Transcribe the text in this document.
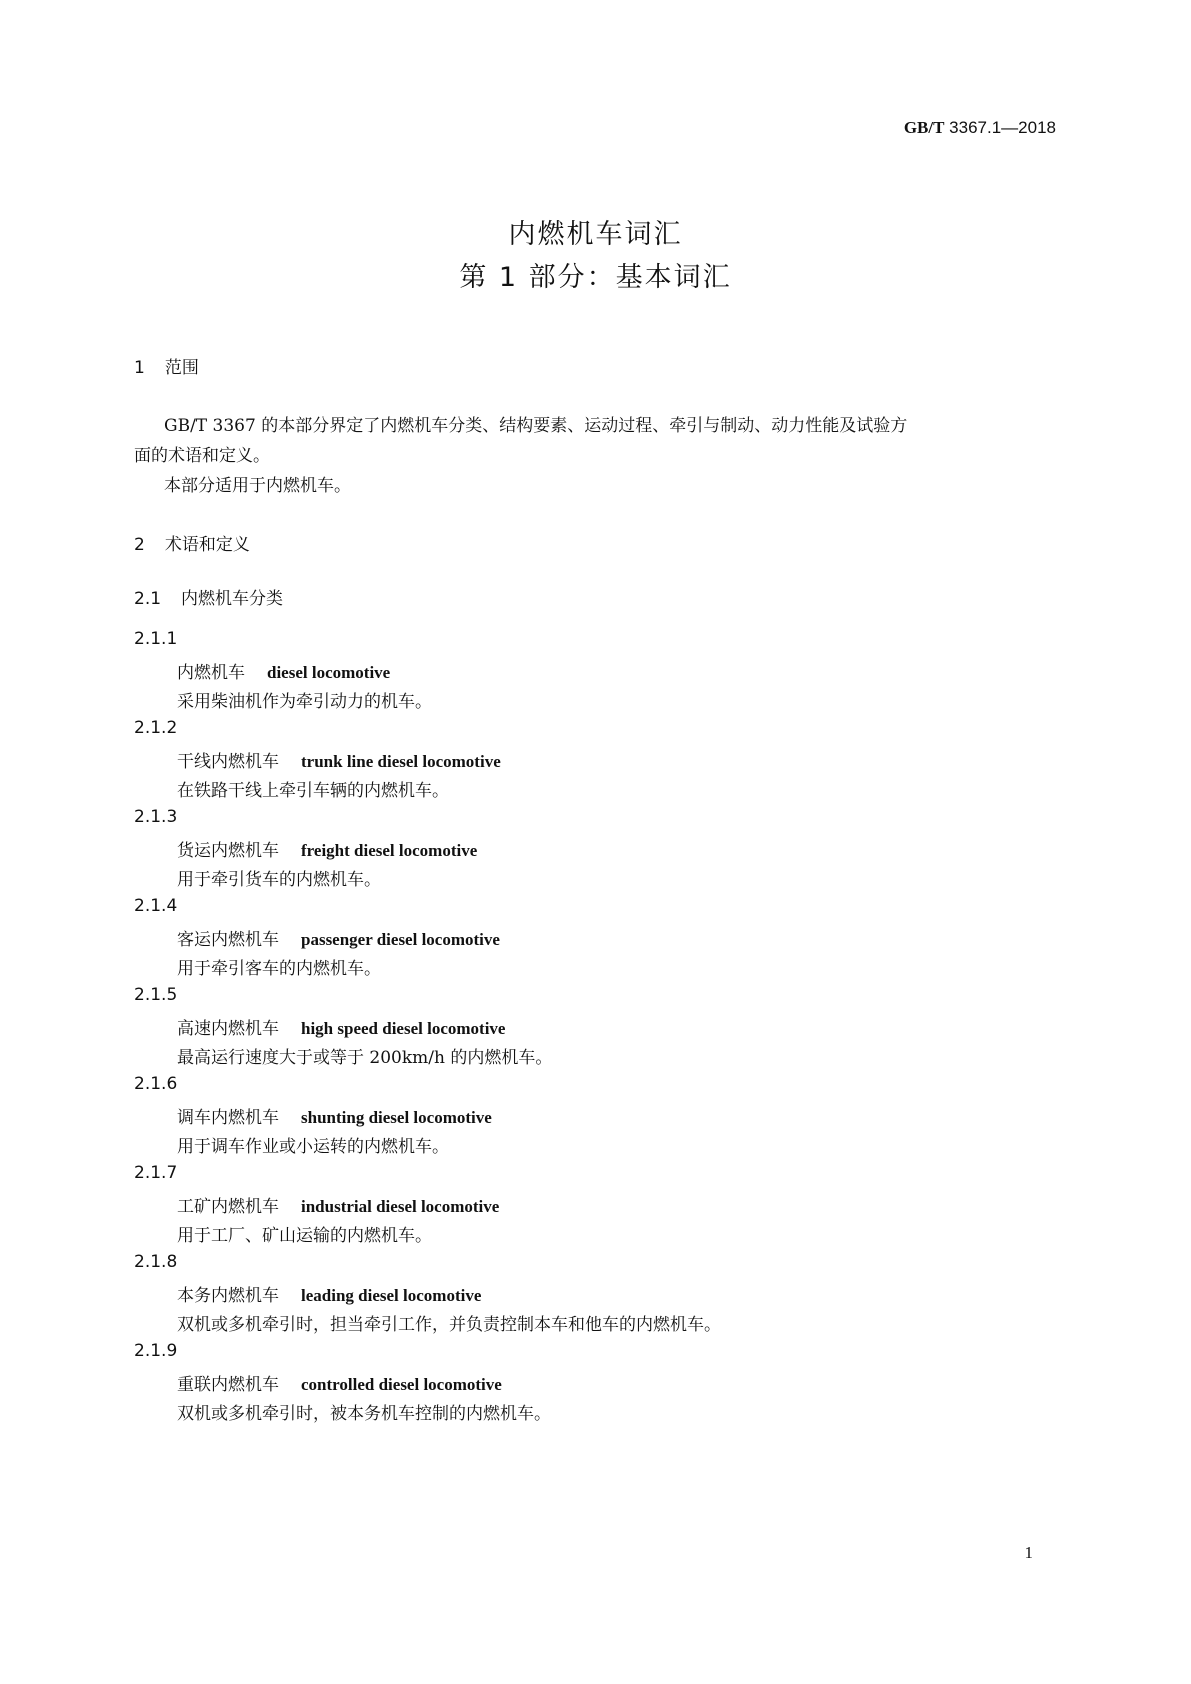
GB/T 3367.1—2018
内燃机车词汇
第 1 部分：基本词汇
1 范围
GB/T 3367 的本部分界定了内燃机车分类、结构要素、运动过程、牵引与制动、动力性能及试验方
面的术语和定义。
本部分适用于内燃机车。
2 术语和定义
2.1 内燃机车分类
2.1.1
内燃机车 diesel locomotive
采用柴油机作为牵引动力的机车。
2.1.2
干线内燃机车 trunk line diesel locomotive
在铁路干线上牵引车辆的内燃机车。
2.1.3
货运内燃机车 freight diesel locomotive
用于牵引货车的内燃机车。
2.1.4
客运内燃机车 passenger diesel locomotive
用于牵引客车的内燃机车。
2.1.5
高速内燃机车 high speed diesel locomotive
最高运行速度大于或等于 200km/h 的内燃机车。
2.1.6
调车内燃机车 shunting diesel locomotive
用于调车作业或小运转的内燃机车。
2.1.7
工矿内燃机车 industrial diesel locomotive
用于工厂、矿山运输的内燃机车。
2.1.8
本务内燃机车 leading diesel locomotive
双机或多机牵引时，担当牵引工作，并负责控制本车和他车的内燃机车。
2.1.9
重联内燃机车 controlled diesel locomotive
双机或多机牵引时，被本务机车控制的内燃机车。
1
